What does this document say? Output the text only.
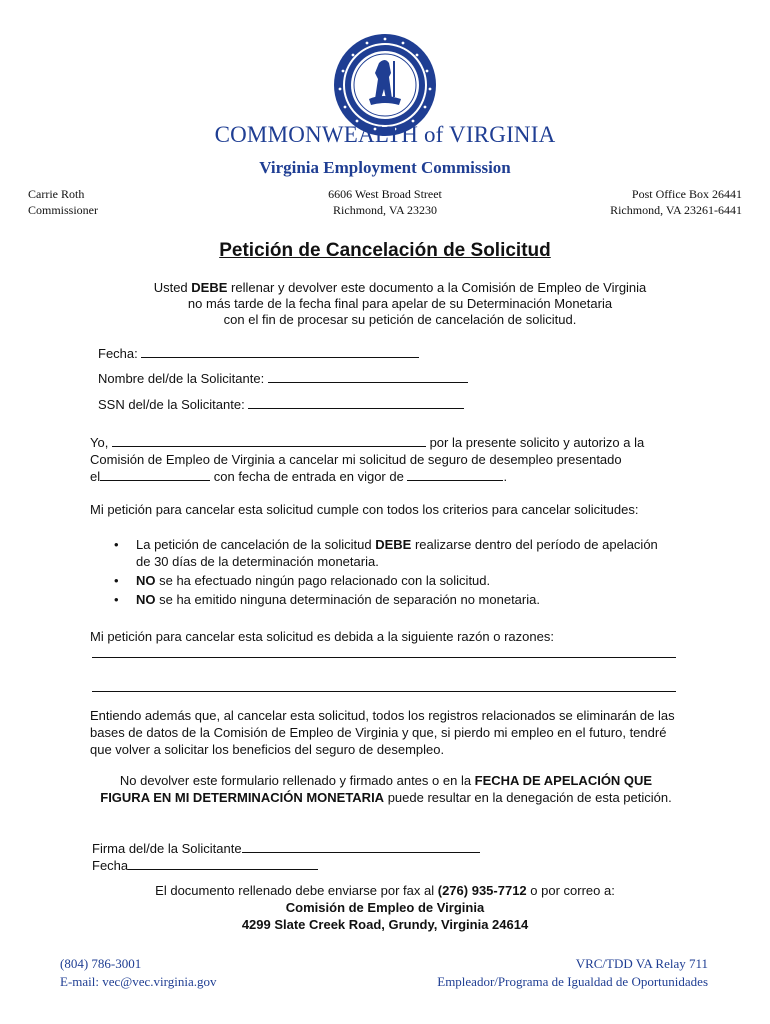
COMMONWEALTH of VIRGINIA
Virginia Employment Commission
Carrie Roth
Commissioner
6606 West Broad Street
Richmond, VA 23230
Post Office Box 26441
Richmond, VA 23261-6441
Petición de Cancelación de Solicitud
Usted DEBE rellenar y devolver este documento a la Comisión de Empleo de Virginia
no más tarde de la fecha final para apelar de su Determinación Monetaria
con el fin de procesar su petición de cancelación de solicitud.
Fecha:
Nombre del/de la Solicitante:
SSN del/de la Solicitante:
Yo,	por la presente solicito y autorizo a la
Comisión de Empleo de Virginia a cancelar mi solicitud de seguro de desempleo presentado
el	con fecha de entrada en vigor de	.
Mi petición para cancelar esta solicitud cumple con todos los criterios para cancelar solicitudes:
• La petición de cancelación de la solicitud DEBE realizarse dentro del período de apelación de 30 días de la determinación monetaria.
• NO se ha efectuado ningún pago relacionado con la solicitud.
• NO se ha emitido ninguna determinación de separación no monetaria.
Mi petición para cancelar esta solicitud es debida a la siguiente razón o razones:
Entiendo además que, al cancelar esta solicitud, todos los registros relacionados se eliminarán de las bases de datos de la Comisión de Empleo de Virginia y que, si pierdo mi empleo en el futuro, tendré que volver a solicitar los beneficios del seguro de desempleo.
No devolver este formulario rellenado y firmado antes o en la FECHA DE APELACIÓN QUE FIGURA EN MI DETERMINACIÓN MONETARIA puede resultar en la denegación de esta petición.
Firma del/de la Solicitante
Fecha
El documento rellenado debe enviarse por fax al (276) 935-7712 o por correo a:
Comisión de Empleo de Virginia
4299 Slate Creek Road, Grundy, Virginia 24614
(804) 786-3001
E-mail: vec@vec.virginia.gov
VRC/TDD VA Relay 711
Empleador/Programa de Igualdad de Oportunidades
